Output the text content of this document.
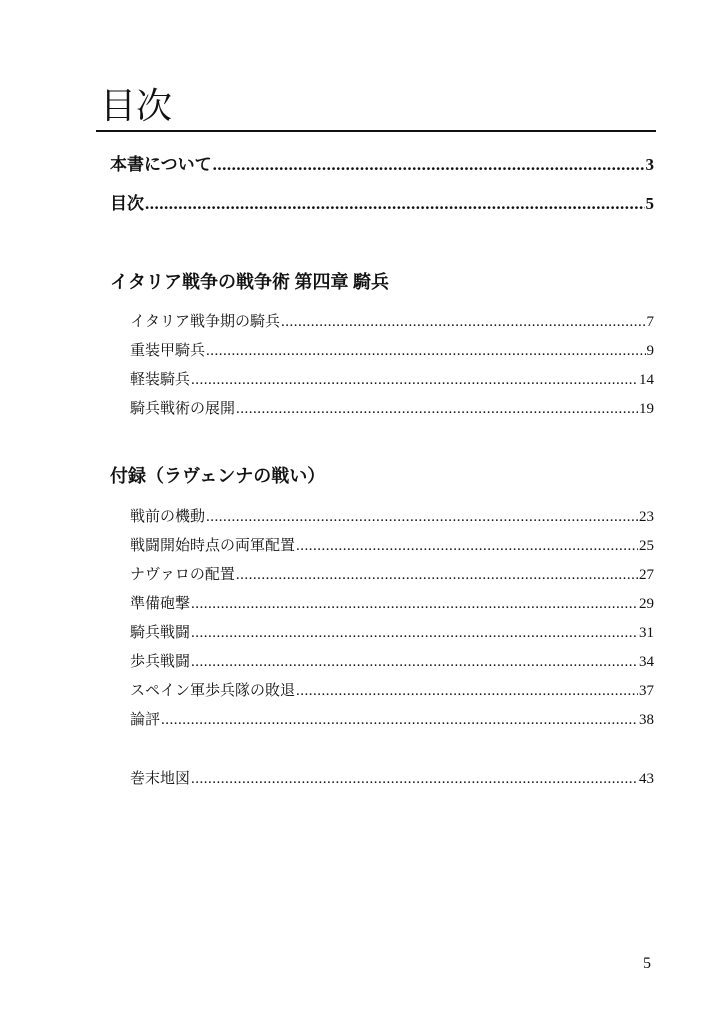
目次
本書について .....	3
目次 .....	5
イタリア戦争の戦争術 第四章 騎兵
イタリア戦争期の騎兵 .....	7
重装甲騎兵 .....	9
軽装騎兵 .....	14
騎兵戦術の展開 .....	19
付録（ラヴェンナの戦い）
戦前の機動 .....	23
戦闘開始時点の両軍配置 .....	25
ナヴァロの配置 .....	27
準備砲撃 .....	29
騎兵戦闘 .....	31
歩兵戦闘 .....	34
スペイン軍歩兵隊の敗退 .....	37
論評 .....	38
巻末地図 .....	43
5
